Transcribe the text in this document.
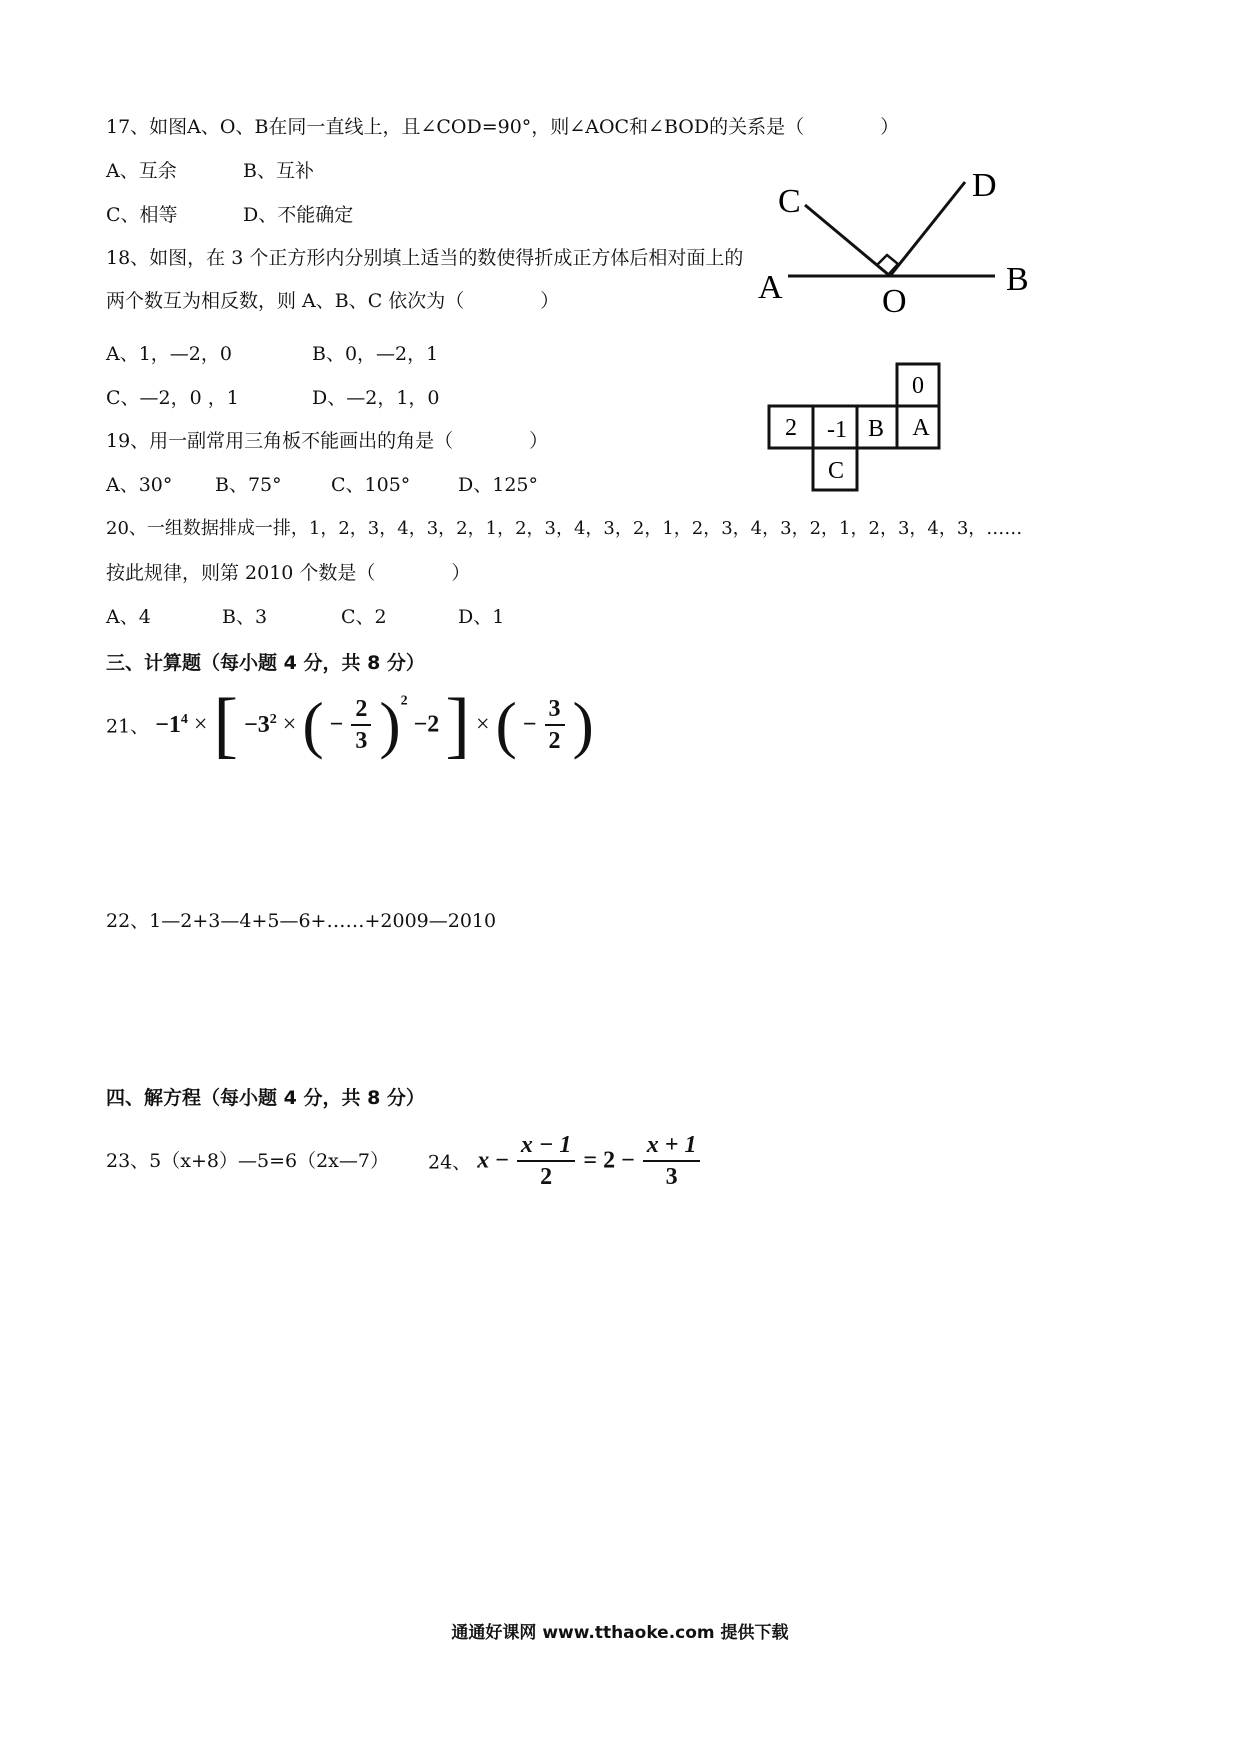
17、如图A、O、B在同一直线上，且∠COD=90°，则∠AOC和∠BOD的关系是（　　　　）
A、互余	B、互补
C、相等	D、不能确定	C	D
A	O
B
18、如图，在 3 个正方形内分别填上适当的数使得折成正方体后相对面上的
两个数互为相反数，则 A、B、C 依次为（　　　　）
A、1，—2，0	B、0，—2，1
C、—2，0 ，1	D、—2，1，0	0
2 -1 B A
C
19、用一副常用三角板不能画出的角是（　　　　）
A、30° B、75°	C、105°	D、125°
20、一组数据排成一排，1，2，3，4，3，2，1，2，3，4，3，2，1，2，3，4，3，2，1，2，3，4，3，……
按此规律，则第 2010 个数是（　　　　）
A、4	B、3	C、2	D、1
三、计算题（每小题 4 分，共 8 分）
21、 $-1^4$ × [ $-3^2$ × ( − $\frac{2}{3} )^2 -2$ ] × ( − $\frac{3}{2}$ )
22、1—2+3—4+5—6+……+2009—2010
四、解方程（每小题 4 分，共 8 分）
23、5（x+8）—5=6（2x—7） 24、 $x - \frac{x - 1}{2} = 2 - \frac{x + 1}{3}$
通通好课网 www.tthaoke.com 提供下载
